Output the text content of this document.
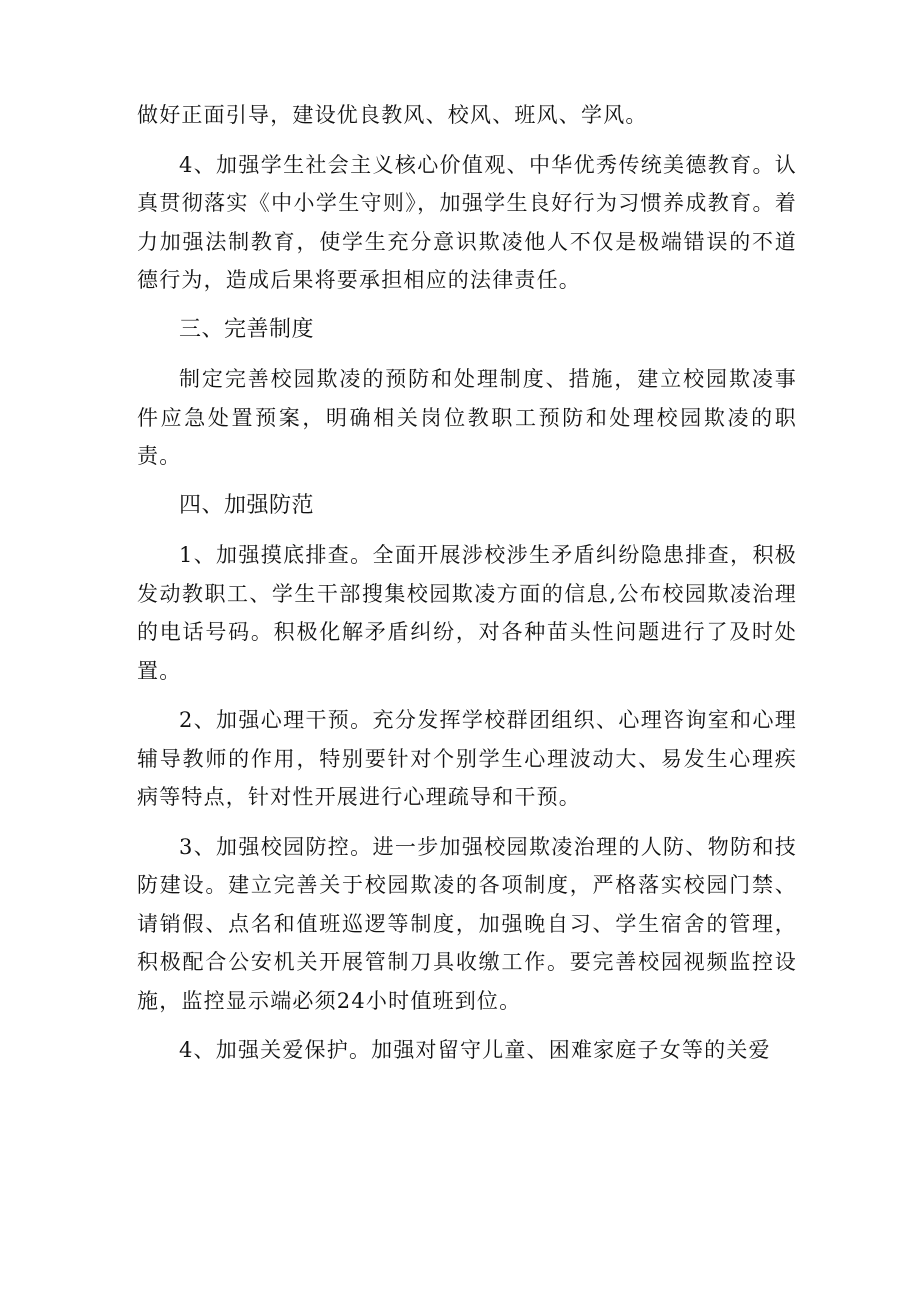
做好正面引导，建设优良教风、校风、班风、学风。

4、加强学生社会主义核心价值观、中华优秀传统美德教育。认真贯彻落实《中小学生守则》，加强学生良好行为习惯养成教育。着力加强法制教育，使学生充分意识欺凌他人不仅是极端错误的不道德行为，造成后果将要承担相应的法律责任。

三、完善制度

制定完善校园欺凌的预防和处理制度、措施，建立校园欺凌事件应急处置预案，明确相关岗位教职工预防和处理校园欺凌的职责。

四、加强防范

1、加强摸底排查。全面开展涉校涉生矛盾纠纷隐患排查，积极发动教职工、学生干部搜集校园欺凌方面的信息,公布校园欺凌治理的电话号码。积极化解矛盾纠纷，对各种苗头性问题进行了及时处置。

2、加强心理干预。充分发挥学校群团组织、心理咨询室和心理辅导教师的作用，特别要针对个别学生心理波动大、易发生心理疾病等特点，针对性开展进行心理疏导和干预。

3、加强校园防控。进一步加强校园欺凌治理的人防、物防和技防建设。建立完善关于校园欺凌的各项制度，严格落实校园门禁、请销假、点名和值班巡逻等制度，加强晚自习、学生宿舍的管理，积极配合公安机关开展管制刀具收缴工作。要完善校园视频监控设施，监控显示端必须24小时值班到位。

4、加强关爱保护。加强对留守儿童、困难家庭子女等的关爱
